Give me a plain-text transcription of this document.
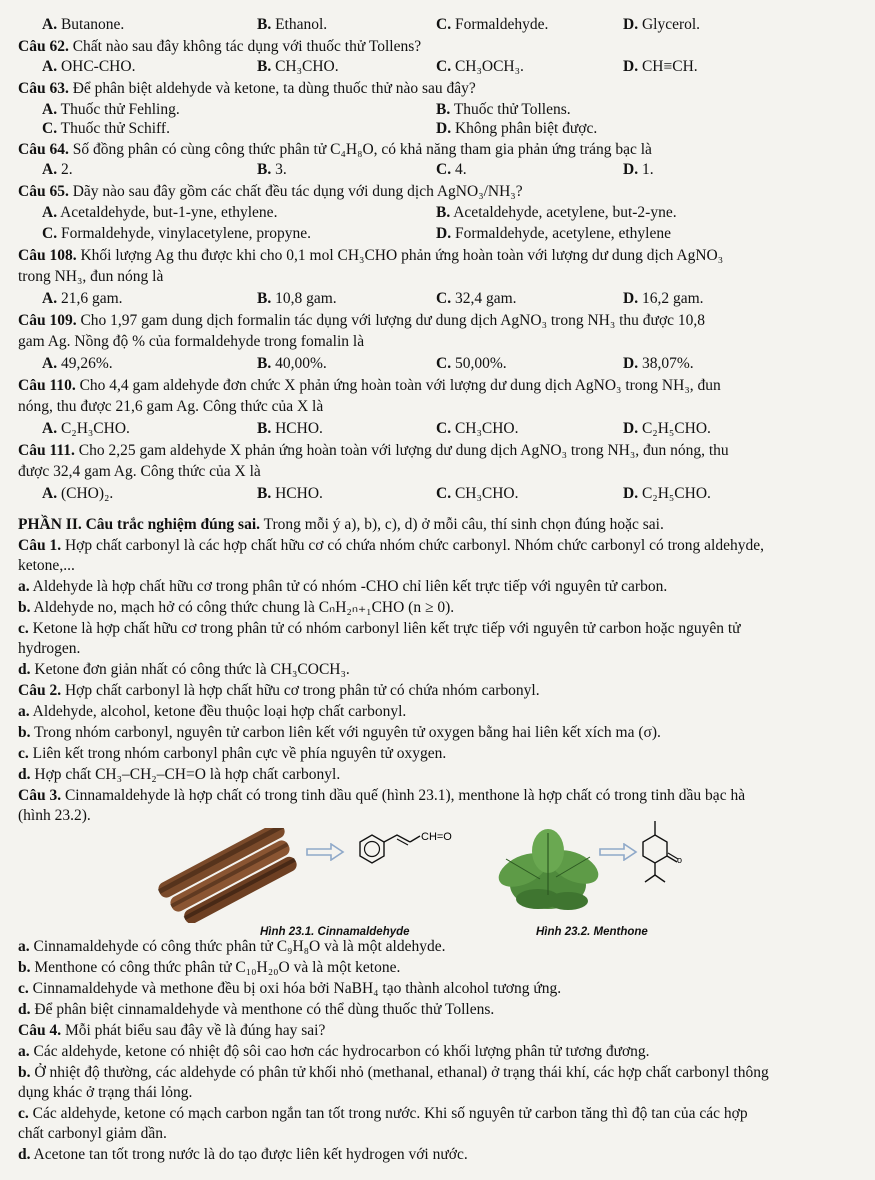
A. Butanone.	B. Ethanol.	C. Formaldehyde.	D. Glycerol.
Câu 62. Chất nào sau đây không tác dụng với thuốc thử Tollens?
A. OHC-CHO.	B. CH₃CHO.	C. CH₃OCH₃.	D. CH≡CH.
Câu 63. Để phân biệt aldehyde và ketone, ta dùng thuốc thử nào sau đây?
A. Thuốc thử Fehling.	B. Thuốc thử Tollens.
C. Thuốc thử Schiff.	D. Không phân biệt được.
Câu 64. Số đồng phân có cùng công thức phân tử C₄H₈O, có khả năng tham gia phản ứng tráng bạc là
A. 2.	B. 3.	C. 4.	D. 1.
Câu 65. Dãy nào sau đây gồm các chất đều tác dụng với dung dịch AgNO₃/NH₃?
A. Acetaldehyde, but-1-yne, ethylene.	B. Acetaldehyde, acetylene, but-2-yne.
C. Formaldehyde, vinylacetylene, propyne.	D. Formaldehyde, acetylene, ethylene
Câu 108. Khối lượng Ag thu được khi cho 0,1 mol CH₃CHO phản ứng hoàn toàn với lượng dư dung dịch AgNO₃
trong NH₃, đun nóng là
A. 21,6 gam.	B. 10,8 gam.	C. 32,4 gam.	D. 16,2 gam.
Câu 109. Cho 1,97 gam dung dịch formalin tác dụng với lượng dư dung dịch AgNO₃ trong NH₃ thu được 10,8
gam Ag. Nồng độ % của formaldehyde trong fomalin là
A. 49,26%.	B. 40,00%.	C. 50,00%.	D. 38,07%.
Câu 110. Cho 4,4 gam aldehyde đơn chức X phản ứng hoàn toàn với lượng dư dung dịch AgNO₃ trong NH₃, đun
nóng, thu được 21,6 gam Ag. Công thức của X là
A. C₂H₃CHO.	B. HCHO.	C. CH₃CHO.	D. C₂H₅CHO.
Câu 111. Cho 2,25 gam aldehyde X phản ứng hoàn toàn với lượng dư dung dịch AgNO₃ trong NH₃, đun nóng, thu
được 32,4 gam Ag. Công thức của X là
A. (CHO)₂.	B. HCHO.	C. CH₃CHO.	D. C₂H₅CHO.
PHẦN II. Câu trắc nghiệm đúng sai. Trong mỗi ý a), b), c), d) ở mỗi câu, thí sinh chọn đúng hoặc sai.
Câu 1. Hợp chất carbonyl là các hợp chất hữu cơ có chứa nhóm chức carbonyl. Nhóm chức carbonyl có trong aldehyde,
ketone,...
a. Aldehyde là hợp chất hữu cơ trong phân tử có nhóm -CHO chỉ liên kết trực tiếp với nguyên tử carbon.
b. Aldehyde no, mạch hở có công thức chung là CₙH₂ₙ₊₁CHO (n ≥ 0).
c. Ketone là hợp chất hữu cơ trong phân tử có nhóm carbonyl liên kết trực tiếp với nguyên tử carbon hoặc nguyên tử
hydrogen.
d. Ketone đơn giản nhất có công thức là CH₃COCH₃.
Câu 2. Hợp chất carbonyl là hợp chất hữu cơ trong phân tử có chứa nhóm carbonyl.
a. Aldehyde, alcohol, ketone đều thuộc loại hợp chất carbonyl.
b. Trong nhóm carbonyl, nguyên tử carbon liên kết với nguyên tử oxygen bằng hai liên kết xích ma (σ).
c. Liên kết trong nhóm carbonyl phân cực về phía nguyên tử oxygen.
d. Hợp chất CH₃–CH₂–CH=O là hợp chất carbonyl.
Câu 3. Cinnamaldehyde là hợp chất có trong tinh dầu quế (hình 23.1), menthone là hợp chất có trong tinh dầu bạc hà
(hình 23.2).
a. Cinnamaldehyde có công thức phân tử C₉H₈O và là một aldehyde.
b. Menthone có công thức phân tử C₁₀H₂₀O và là một ketone.
c. Cinnamaldehyde và methone đều bị oxi hóa bởi NaBH₄ tạo thành alcohol tương ứng.
d. Để phân biệt cinnamaldehyde và menthone có thể dùng thuốc thử Tollens.
Câu 4. Mỗi phát biểu sau đây về là đúng hay sai?
a. Các aldehyde, ketone có nhiệt độ sôi cao hơn các hydrocarbon có khối lượng phân tử tương đương.
b. Ở nhiệt độ thường, các aldehyde có phân tử khối nhỏ (methanal, ethanal) ở trạng thái khí, các hợp chất carbonyl thông
dụng khác ở trạng thái lỏng.
c. Các aldehyde, ketone có mạch carbon ngắn tan tốt trong nước. Khi số nguyên tử carbon tăng thì độ tan của các hợp
chất carbonyl giảm dần.
d. Acetone tan tốt trong nước là do tạo được liên kết hydrogen với nước.
CH=O
o
Hình 23.1. Cinnamaldehyde	Hình 23.2. Menthone
